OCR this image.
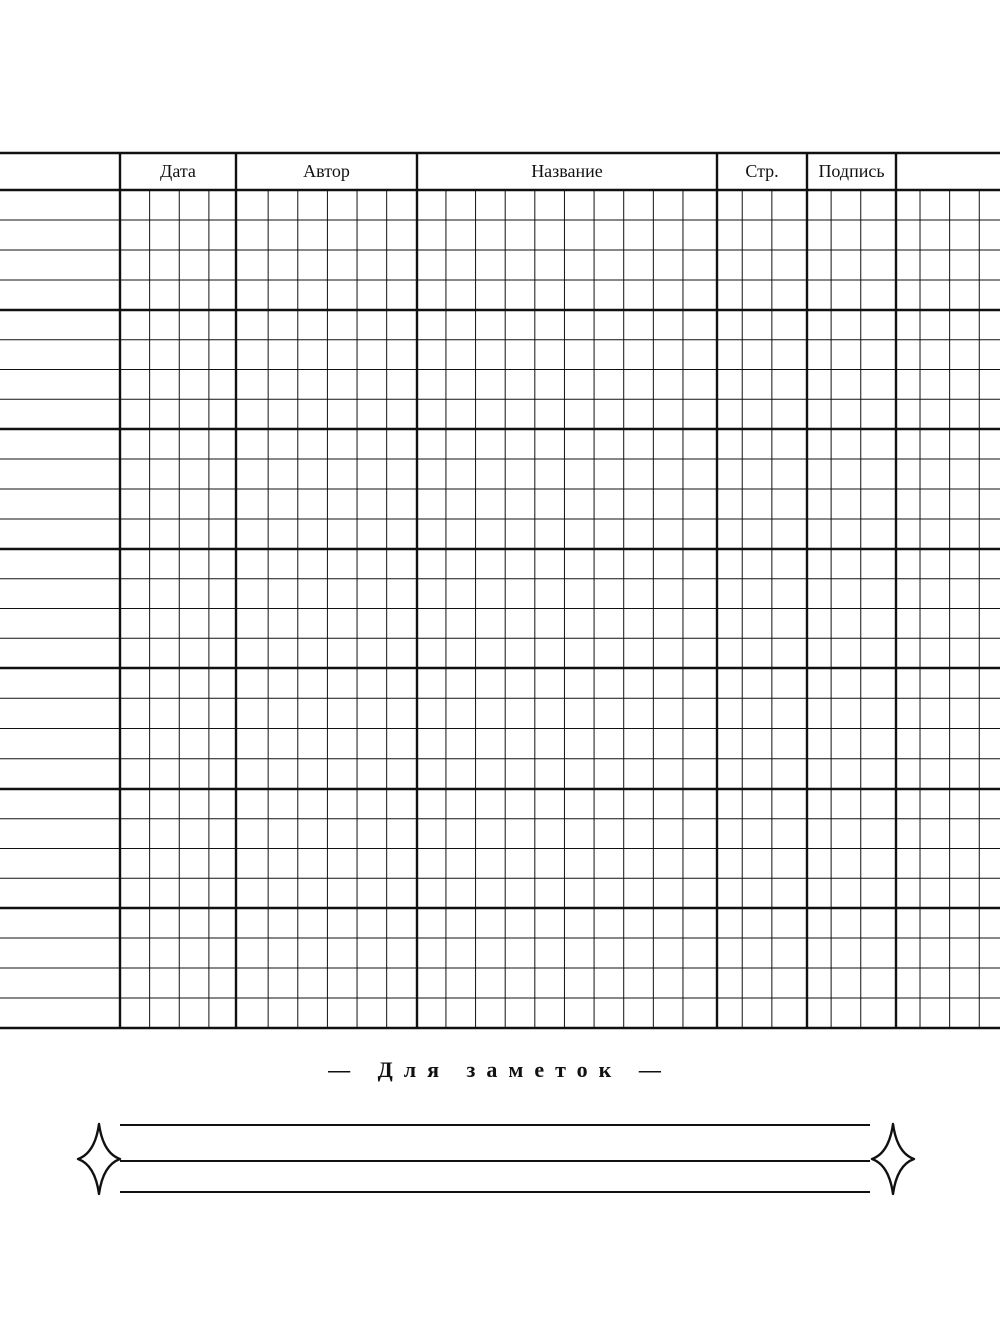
Дата	Автор	Название	Стр.	Подпись
— Для заметок —
